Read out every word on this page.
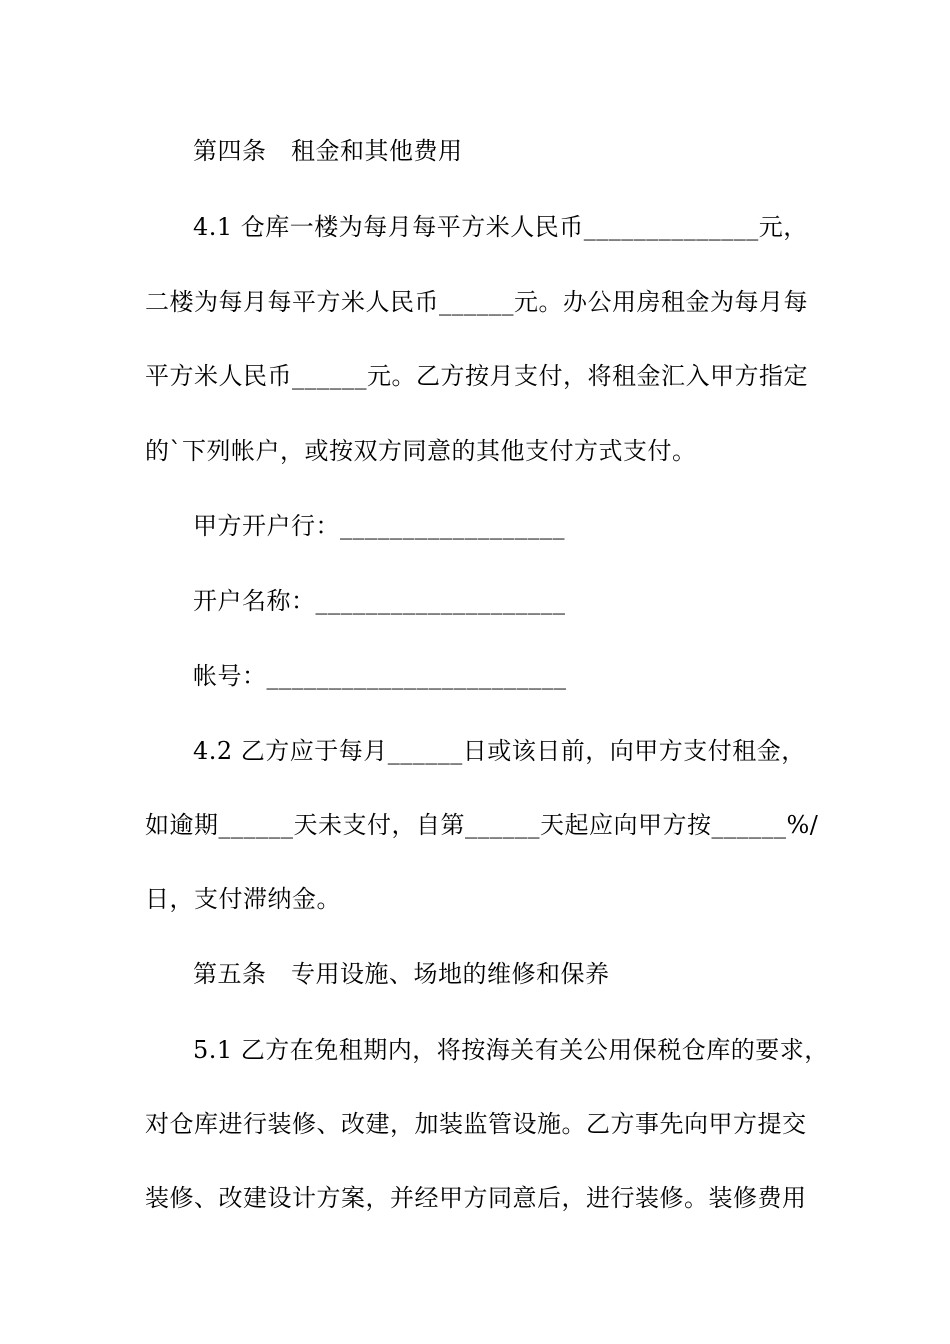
第四条　租金和其他费用
4.1 仓库一楼为每月每平方米人民币______________元，
二楼为每月每平方米人民币______元。办公用房租金为每月每
平方米人民币______元。乙方按月支付，将租金汇入甲方指定
的`下列帐户，或按双方同意的其他支付方式支付。
甲方开户行：__________________
开户名称：____________________
帐号：________________________
4.2 乙方应于每月______日或该日前，向甲方支付租金，
如逾期______天未支付，自第______天起应向甲方按______%/
日，支付滞纳金。
第五条　专用设施、场地的维修和保养
5.1 乙方在免租期内，将按海关有关公用保税仓库的要求，
对仓库进行装修、改建，加装监管设施。乙方事先向甲方提交
装修、改建设计方案，并经甲方同意后，进行装修。装修费用
